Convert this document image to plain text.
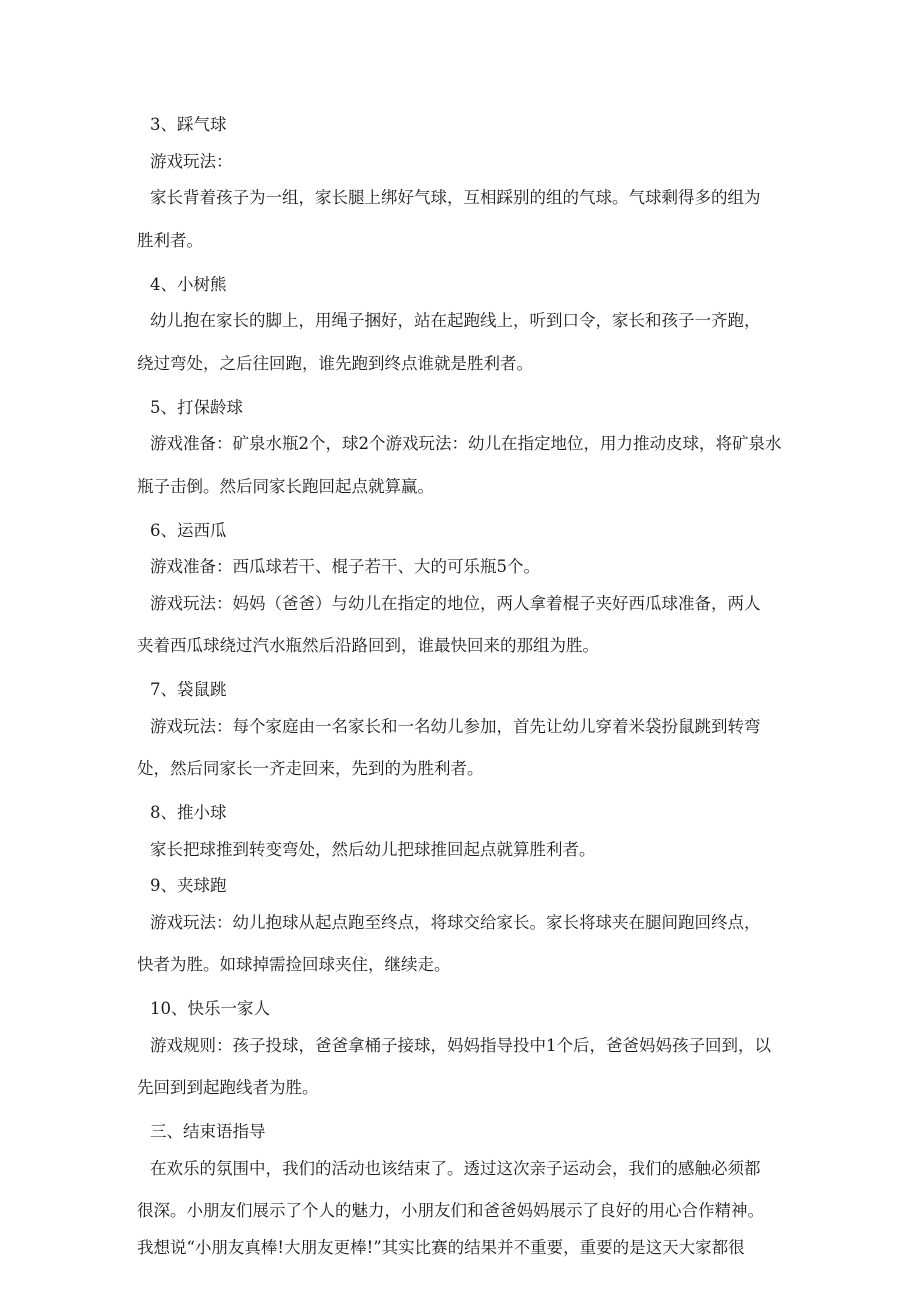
3、踩气球

游戏玩法：
家长背着孩子为一组，家长腿上绑好气球，互相踩别的组的气球。气球剩得多的组为
胜利者。

4、小树熊

幼儿抱在家长的脚上，用绳子捆好，站在起跑线上，听到口令，家长和孩子一齐跑，
绕过弯处，之后往回跑，谁先跑到终点谁就是胜利者。

5、打保龄球

游戏准备：矿泉水瓶2个，球2个游戏玩法：幼儿在指定地位，用力推动皮球，将矿泉水
瓶子击倒。然后同家长跑回起点就算赢。

6、运西瓜

游戏准备：西瓜球若干、棍子若干、大的可乐瓶5个。
游戏玩法：妈妈（爸爸）与幼儿在指定的地位，两人拿着棍子夹好西瓜球准备，两人
夹着西瓜球绕过汽水瓶然后沿路回到，谁最快回来的那组为胜。

7、袋鼠跳

游戏玩法：每个家庭由一名家长和一名幼儿参加，首先让幼儿穿着米袋扮鼠跳到转弯
处，然后同家长一齐走回来，先到的为胜利者。

8、推小球

家长把球推到转变弯处，然后幼儿把球推回起点就算胜利者。

9、夹球跑

游戏玩法：幼儿抱球从起点跑至终点，将球交给家长。家长将球夹在腿间跑回终点，
快者为胜。如球掉需捡回球夹住，继续走。

10、快乐一家人

游戏规则：孩子投球，爸爸拿桶子接球，妈妈指导投中1个后，爸爸妈妈孩子回到，以
先回到到起跑线者为胜。

三、结束语指导

在欢乐的氛围中，我们的活动也该结束了。透过这次亲子运动会，我们的感触必须都
很深。小朋友们展示了个人的魅力，小朋友们和爸爸妈妈展示了良好的用心合作精神。
我想说“小朋友真棒!大朋友更棒!”其实比赛的结果并不重要，重要的是这天大家都很
